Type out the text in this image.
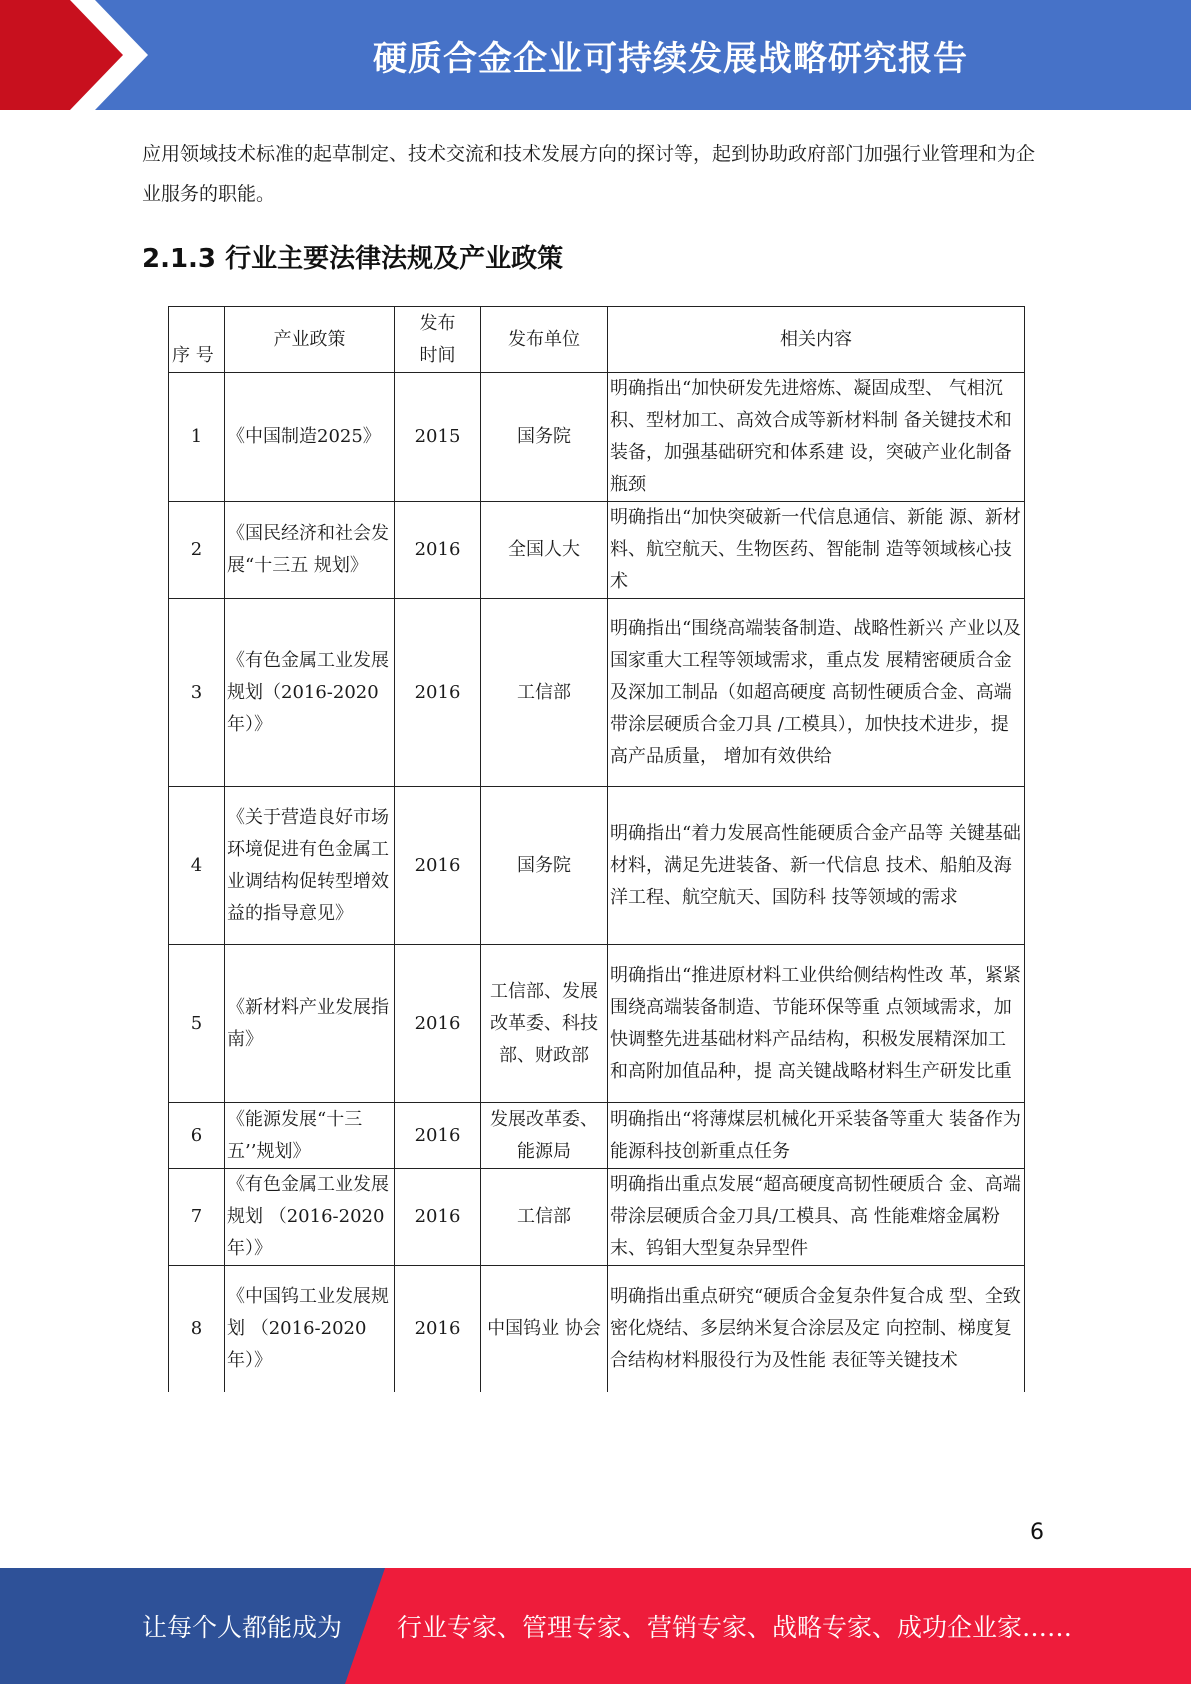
硬质合金企业可持续发展战略研究报告
应用领域技术标准的起草制定、技术交流和技术发展方向的探讨等，起到协助政府部门加强行业管理和为企业服务的职能。
2.1.3 行业主要法律法规及产业政策
序 号	产业政策	发布时间	发布单位	相关内容
1	《中国制造2025》	2015	国务院	明确指出“加快研发先进熔炼、凝固成型、 气相沉积、型材加工、高效合成等新材料制 备关键技术和装备，加强基础研究和体系建 设，突破产业化制备瓶颈
2	《国民经济和社会发展“十三五 规划》	2016	全国人大	明确指出“加快突破新一代信息通信、新能 源、新材料、航空航天、生物医药、智能制 造等领域核心技术
3	《有色金属工业发展规划（2016-2020 年）》	2016	工信部	明确指出“围绕高端装备制造、战略性新兴 产业以及国家重大工程等领域需求，重点发 展精密硬质合金及深加工制品（如超高硬度 高韧性硬质合金、高端带涂层硬质合金刀具 /工模具），加快技术进步，提高产品质量， 增加有效供给
4	《关于营造良好市场环境促进有色金属工业调结构促转型增效益的指导意见》	2016	国务院	明确指出“着力发展高性能硬质合金产品等 关键基础材料，满足先进装备、新一代信息 技术、船舶及海洋工程、航空航天、国防科 技等领域的需求
5	《新材料产业发展指南》	2016	工信部、发展改革委、科技部、财政部	明确指出“推进原材料工业供给侧结构性改 革，紧紧围绕高端装备制造、节能环保等重 点领域需求，加快调整先进基础材料产品结构，积极发展精深加工和高附加值品种，提 高关键战略材料生产研发比重
6	《能源发展“十三五’’规划》	2016	发展改革委、能源局	明确指出“将薄煤层机械化开采装备等重大 装备作为能源科技创新重点任务
7	《有色金属工业发展规划 （2016-2020 年）》	2016	工信部	明确指出重点发展“超高硬度高韧性硬质合 金、高端带涂层硬质合金刀具/工模具、高 性能难熔金属粉末、钨钼大型复杂异型件
8	《中国钨工业发展规划 （2016-2020 年）》	2016	中国钨业 协会	明确指出重点研究“硬质合金复杂件复合成 型、全致密化烧结、多层纳米复合涂层及定 向控制、梯度复合结构材料服役行为及性能 表征等关键技术
6
让每个人都能成为 行业专家、管理专家、营销专家、战略专家、成功企业家……
